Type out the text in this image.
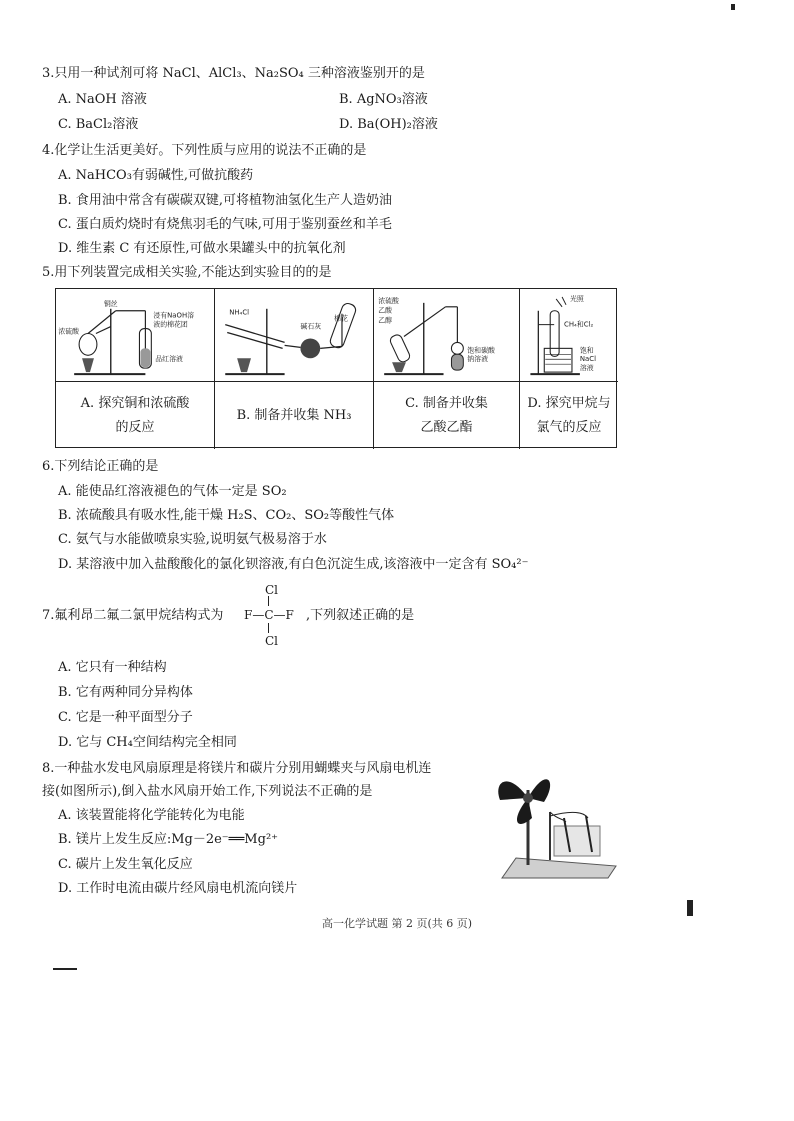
3.只用一种试剂可将 NaCl、AlCl₃、Na₂SO₄ 三种溶液鉴别开的是
A. NaOH 溶液	B. AgNO₃溶液
C. BaCl₂溶液	D. Ba(OH)₂溶液
4.化学让生活更美好。下列性质与应用的说法不正确的是
A. NaHCO₃有弱碱性,可做抗酸药
B. 食用油中常含有碳碳双键,可将植物油氢化生产人造奶油
C. 蛋白质灼烧时有烧焦羽毛的气味,可用于鉴别蚕丝和羊毛
D. 维生素 C 有还原性,可做水果罐头中的抗氧化剂
5.用下列装置完成相关实验,不能达到实验目的的是
铜丝
浓硫酸
浸有NaOH溶
液的棉花团
品红溶液
NH₄Cl
碱石灰
棉花
浓硫酸
乙酸
乙醇
饱和碳酸
钠溶液
光照
CH₄和Cl₂
饱和
NaCl
溶液
A. 探究铜和浓硫酸
的反应
B. 制备并收集 NH₃
C. 制备并收集
乙酸乙酯
D. 探究甲烷与
氯气的反应
6.下列结论正确的是
A. 能使品红溶液褪色的气体一定是 SO₂
B. 浓硫酸具有吸水性,能干燥 H₂S、CO₂、SO₂等酸性气体
C. 氨气与水能做喷泉实验,说明氨气极易溶于水
D. 某溶液中加入盐酸酸化的氯化钡溶液,有白色沉淀生成,该溶液中一定含有 SO₄²⁻
7.氟利昂二氟二氯甲烷结构式为
Cl
F—C—F
Cl
,下列叙述正确的是
A. 它只有一种结构
B. 它有两种同分异构体
C. 它是一种平面型分子
D. 它与 CH₄空间结构完全相同
8.一种盐水发电风扇原理是将镁片和碳片分别用蝴蝶夹与风扇电机连
接(如图所示),倒入盐水风扇开始工作,下列说法不正确的是
A. 该装置能将化学能转化为电能
B. 镁片上发生反应:Mg－2e⁻══Mg²⁺
C. 碳片上发生氧化反应
D. 工作时电流由碳片经风扇电机流向镁片
高一化学试题 第 2 页(共 6 页)
